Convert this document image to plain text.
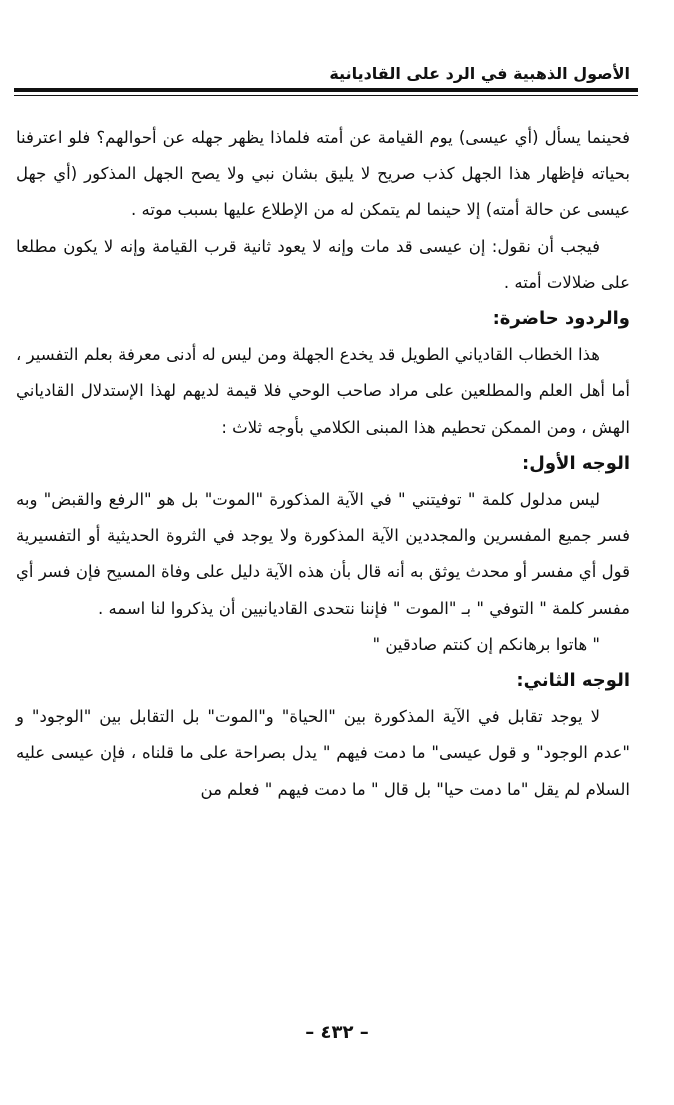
الأصول الذهبية في الرد على القاديانية

فحينما يسأل (أي عيسى) يوم القيامة عن أمته فلماذا يظهر جهله عن أحوالهم؟ فلو اعترفنا بحياته فإظهار هذا الجهل كذب صريح لا يليق بشان نبي ولا يصح الجهل المذكور (أي جهل عيسى عن حالة أمته) إلا حينما لم يتمكن له من الإطلاع عليها بسبب موته .

فيجب أن نقول: إن عيسى قد مات وإنه لا يعود ثانية قرب القيامة وإنه لا يكون مطلعا على ضلالات أمته .

والردود حاضرة:

هذا الخطاب القادياني الطويل قد يخدع الجهلة ومن ليس له أدنى معرفة بعلم التفسير ، أما أهل العلم والمطلعين على مراد صاحب الوحي فلا قيمة لديهم لهذا الإستدلال القادياني الهش ، ومن الممكن تحطيم هذا المبنى الكلامي بأوجه ثلاث :

الوجه الأول:

ليس مدلول كلمة " توفيتني " في الآية المذكورة "الموت" بل هو "الرفع والقبض" وبه فسر جميع المفسرين والمجددين الآية المذكورة ولا يوجد في الثروة الحديثية أو التفسيرية قول أي مفسر أو محدث يوثق به أنه قال بأن هذه الآية دليل على وفاة المسيح فإن فسر أي مفسر كلمة " التوفي " بـ "الموت " فإننا نتحدى القاديانيين أن يذكروا لنا اسمه .

" هاتوا برهانكم إن كنتم صادقين "

الوجه الثاني:

لا يوجد تقابل في الآية المذكورة بين "الحياة" و"الموت" بل التقابل بين "الوجود" و "عدم الوجود" و قول عيسى" ما دمت فيهم " يدل بصراحة على ما قلناه ، فإن عيسى عليه السلام لم يقل "ما دمت حيا" بل قال " ما دمت فيهم " فعلم من

– ٤٣٢ –
